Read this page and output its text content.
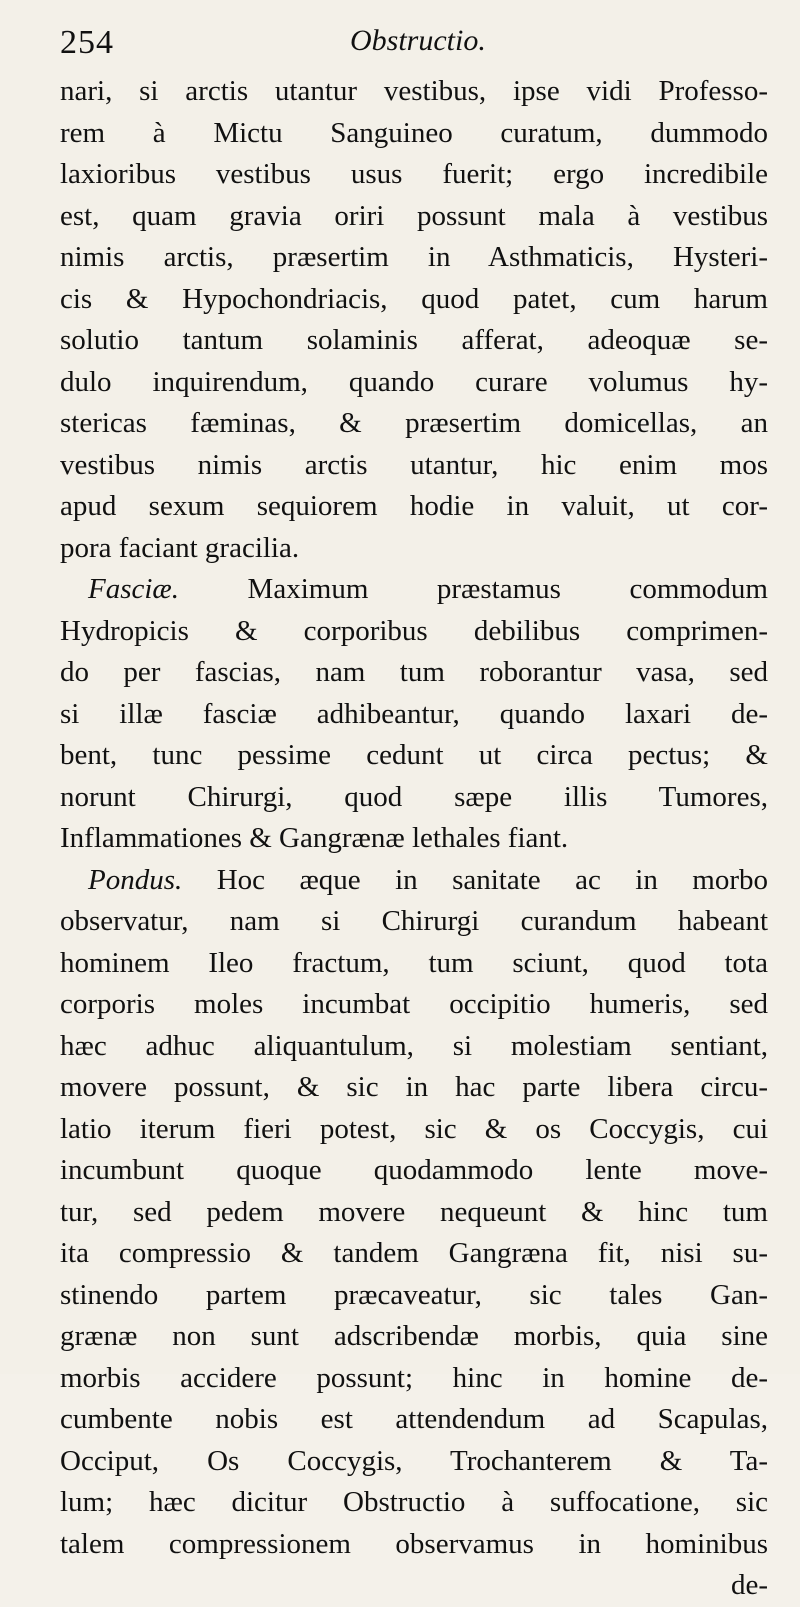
254	Obstructio.
nari, si arctis utantur vestibus, ipse vidi Professo-
rem à Mictu Sanguineo curatum, dummodo
laxioribus vestibus usus fuerit; ergo incredibile
est, quam gravia oriri possunt mala à vestibus
nimis arctis, præsertim in Asthmaticis, Hysteri-
cis & Hypochondriacis, quod patet, cum harum
solutio tantum solaminis afferat, adeoquæ se-
dulo inquirendum, quando curare volumus hy-
stericas fæminas, & præsertim domicellas, an
vestibus nimis arctis utantur, hic enim mos
apud sexum sequiorem hodie in valuit, ut cor-
pora faciant gracilia.
Fasciæ. Maximum præstamus commodum
Hydropicis & corporibus debilibus comprimen-
do per fascias, nam tum roborantur vasa, sed
si illæ fasciæ adhibeantur, quando laxari de-
bent, tunc pessime cedunt ut circa pectus; &
norunt Chirurgi, quod sæpe illis Tumores,
Inflammationes & Gangrænæ lethales fiant.
Pondus. Hoc æque in sanitate ac in morbo
observatur, nam si Chirurgi curandum habeant
hominem Ileo fractum, tum sciunt, quod tota
corporis moles incumbat occipitio humeris, sed
hæc adhuc aliquantulum, si molestiam sentiant,
movere possunt, & sic in hac parte libera circu-
latio iterum fieri potest, sic & os Coccygis, cui
incumbunt quoque quodammodo lente move-
tur, sed pedem movere nequeunt & hinc tum
ita compressio & tandem Gangræna fit, nisi su-
stinendo partem præcaveatur, sic tales Gan-
grænæ non sunt adscribendæ morbis, quia sine
morbis accidere possunt; hinc in homine de-
cumbente nobis est attendendum ad Scapulas,
Occiput, Os Coccygis, Trochanterem & Ta-
lum; hæc dicitur Obstructio à suffocatione, sic
talem compressionem observamus in hominibus
de-
